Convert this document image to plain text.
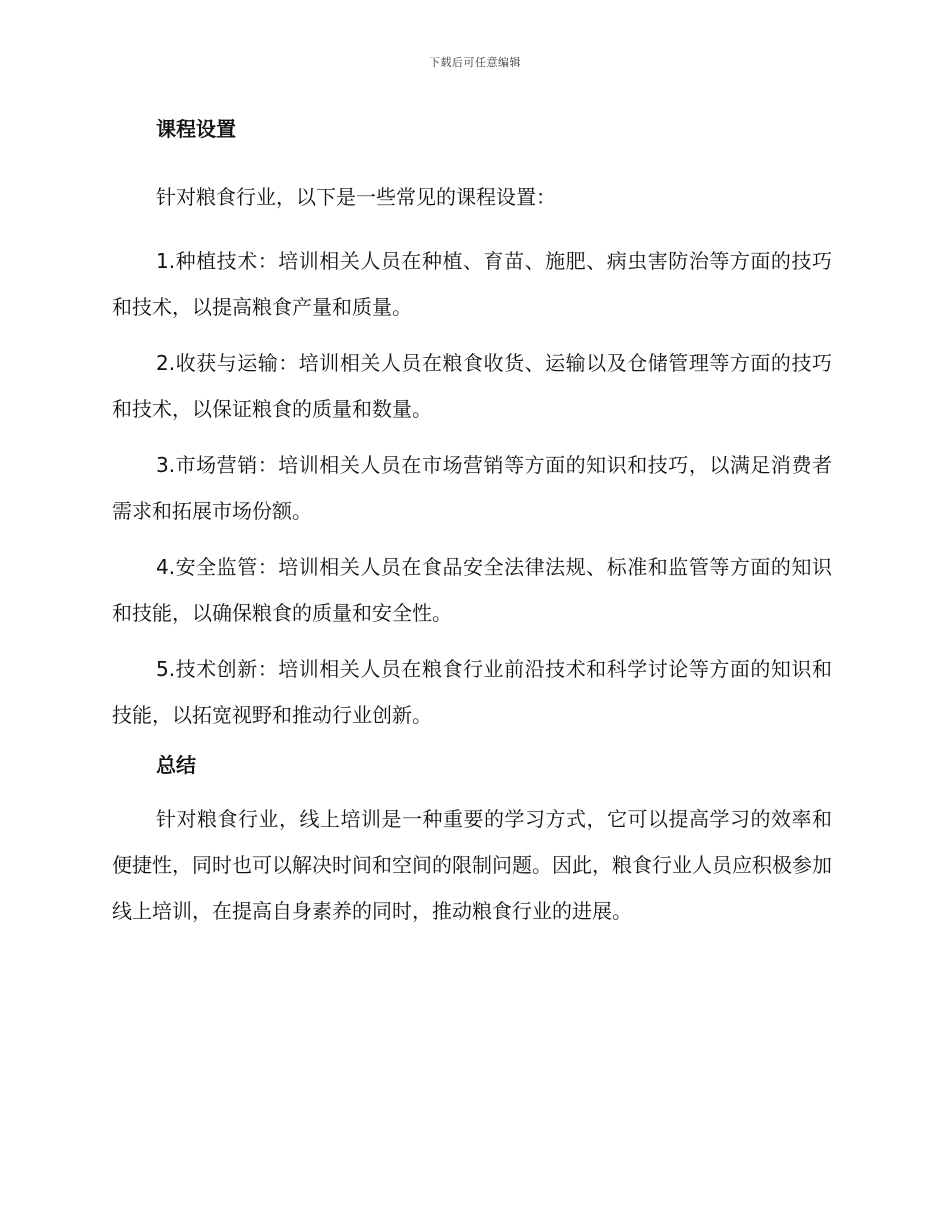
下载后可任意编辑
课程设置

针对粮食行业，以下是一些常见的课程设置：

1.种植技术：培训相关人员在种植、育苗、施肥、病虫害防治等方面的技巧和技术，以提高粮食产量和质量。

2.收获与运输：培训相关人员在粮食收货、运输以及仓储管理等方面的技巧和技术，以保证粮食的质量和数量。

3.市场营销：培训相关人员在市场营销等方面的知识和技巧，以满足消费者需求和拓展市场份额。

4.安全监管：培训相关人员在食品安全法律法规、标准和监管等方面的知识和技能，以确保粮食的质量和安全性。

5.技术创新：培训相关人员在粮食行业前沿技术和科学讨论等方面的知识和技能，以拓宽视野和推动行业创新。

总结

针对粮食行业，线上培训是一种重要的学习方式，它可以提高学习的效率和便捷性，同时也可以解决时间和空间的限制问题。因此，粮食行业人员应积极参加线上培训，在提高自身素养的同时，推动粮食行业的进展。
